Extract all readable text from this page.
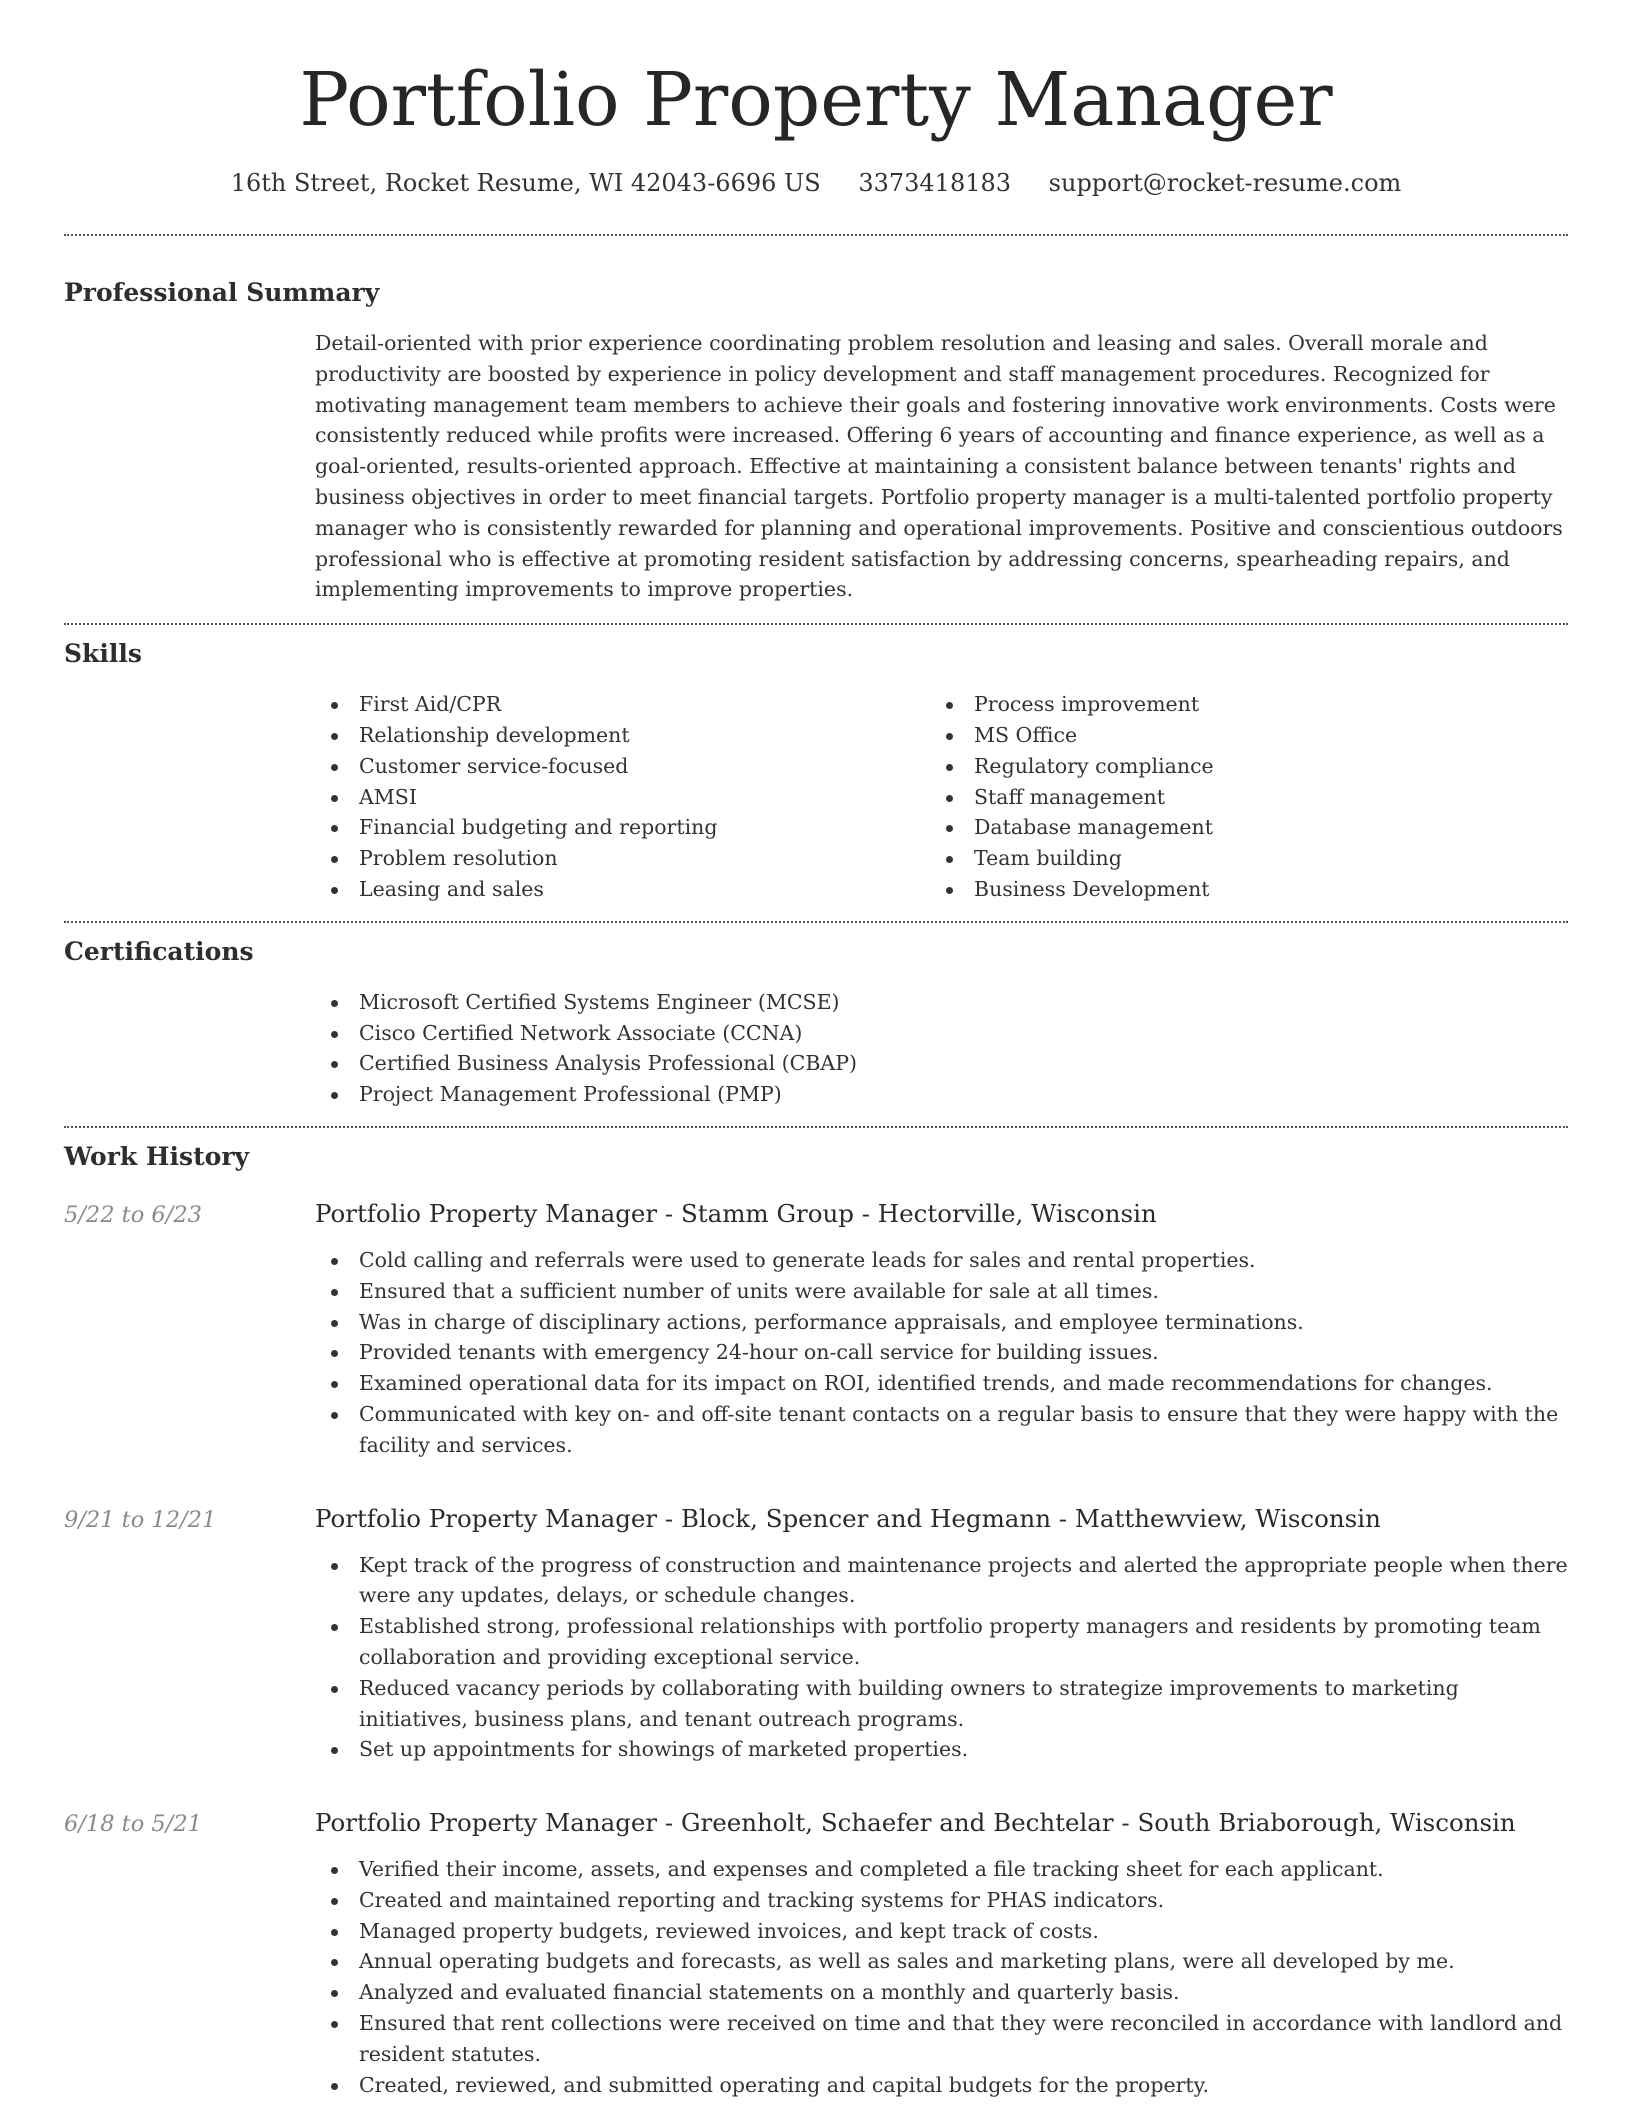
Portfolio Property Manager
16th Street, Rocket Resume, WI 42043-6696 US 3373418183 support@rocket-resume.com
Professional Summary

Detail-oriented with prior experience coordinating problem resolution and leasing and sales. Overall morale and productivity are boosted by experience in policy development and staff management procedures. Recognized for motivating management team members to achieve their goals and fostering innovative work environments. Costs were consistently reduced while profits were increased. Offering 6 years of accounting and finance experience, as well as a goal-oriented, results-oriented approach. Effective at maintaining a consistent balance between tenants' rights and business objectives in order to meet financial targets. Portfolio property manager is a multi-talented portfolio property manager who is consistently rewarded for planning and operational improvements. Positive and conscientious outdoors professional who is effective at promoting resident satisfaction by addressing concerns, spearheading repairs, and implementing improvements to improve properties.

Skills
First Aid/CPR
Relationship development
Customer service-focused
AMSI
Financial budgeting and reporting
Problem resolution
Leasing and sales
Process improvement
MS Office
Regulatory compliance
Staff management
Database management
Team building
Business Development
Certifications
Microsoft Certified Systems Engineer (MCSE)
Cisco Certified Network Associate (CCNA)
Certified Business Analysis Professional (CBAP)
Project Management Professional (PMP)
Work History
5/22 to 6/23	Portfolio Property Manager - Stamm Group - Hectorville, Wisconsin
Cold calling and referrals were used to generate leads for sales and rental properties.
Ensured that a sufficient number of units were available for sale at all times.
Was in charge of disciplinary actions, performance appraisals, and employee terminations.
Provided tenants with emergency 24-hour on-call service for building issues.
Examined operational data for its impact on ROI, identified trends, and made recommendations for changes.
Communicated with key on- and off-site tenant contacts on a regular basis to ensure that they were happy with the facility and services.
9/21 to 12/21	Portfolio Property Manager - Block, Spencer and Hegmann - Matthewview, Wisconsin
Kept track of the progress of construction and maintenance projects and alerted the appropriate people when there were any updates, delays, or schedule changes.
Established strong, professional relationships with portfolio property managers and residents by promoting team collaboration and providing exceptional service.
Reduced vacancy periods by collaborating with building owners to strategize improvements to marketing initiatives, business plans, and tenant outreach programs.
Set up appointments for showings of marketed properties.
6/18 to 5/21	Portfolio Property Manager - Greenholt, Schaefer and Bechtelar - South Briaborough, Wisconsin
Verified their income, assets, and expenses and completed a file tracking sheet for each applicant.
Created and maintained reporting and tracking systems for PHAS indicators.
Managed property budgets, reviewed invoices, and kept track of costs.
Annual operating budgets and forecasts, as well as sales and marketing plans, were all developed by me.
Analyzed and evaluated financial statements on a monthly and quarterly basis.
Ensured that rent collections were received on time and that they were reconciled in accordance with landlord and resident statutes.
Created, reviewed, and submitted operating and capital budgets for the property.
